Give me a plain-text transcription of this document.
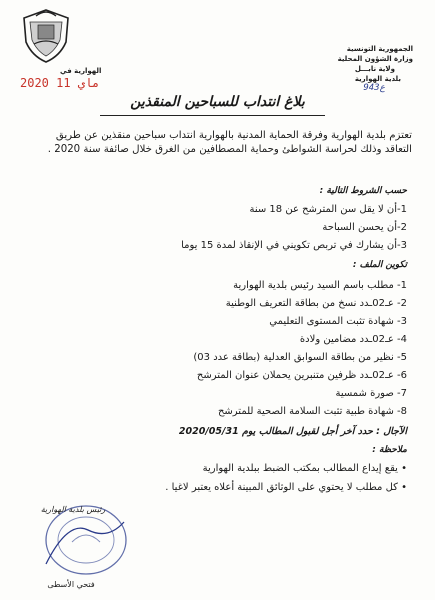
الجمهورية التونسية
وزارة الشؤون المحلية
ولاية نابـــل
بلدية الهوارية
943ع
الهوارية في
2020 ماي 11
بلاغ انتداب للسباحين المنقذين
تعتزم بلدية الهوارية وفرقة الحماية المدنية بالهوارية انتداب سباحين منقذين عن طريق التعاقد وذلك لحراسة الشواطئ وحماية المصطافين من الغرق خلال صائفة سنة 2020 .
حسب الشروط التالية :
1-أن لا يقل سن المترشح عن 18 سنة
2-أن يحسن السباحة
3-أن يشارك في تربص تكويني في الإنقاذ لمدة 15 يوما
تكوين الملف :
1- مطلب باسم السيد رئيس بلدية الهوارية
2- عـ02ـدد نسخ من بطاقة التعريف الوطنية
3- شهادة تثبت المستوى التعليمي
4- عـ02ـدد مضامين ولادة
5- نظير من بطاقة السوابق العدلية (بطاقة عدد 03)
6- عـ02ـدد ظرفين متنبرين يحملان عنوان المترشح
7- صورة شمسية
8- شهادة طبية تثبت السلامة الصحية للمترشح
الآجال : حدد آخر أجل لقبول المطالب يوم 2020/05/31
ملاحظة :
• يقع إيداع المطالب بمكتب الضبط ببلدية الهوارية
• كل مطلب لا يحتوي على الوثائق المبينة أعلاه يعتبر لاغيا .
رئيس بلدية الهوارية
فتحي الأسطى
